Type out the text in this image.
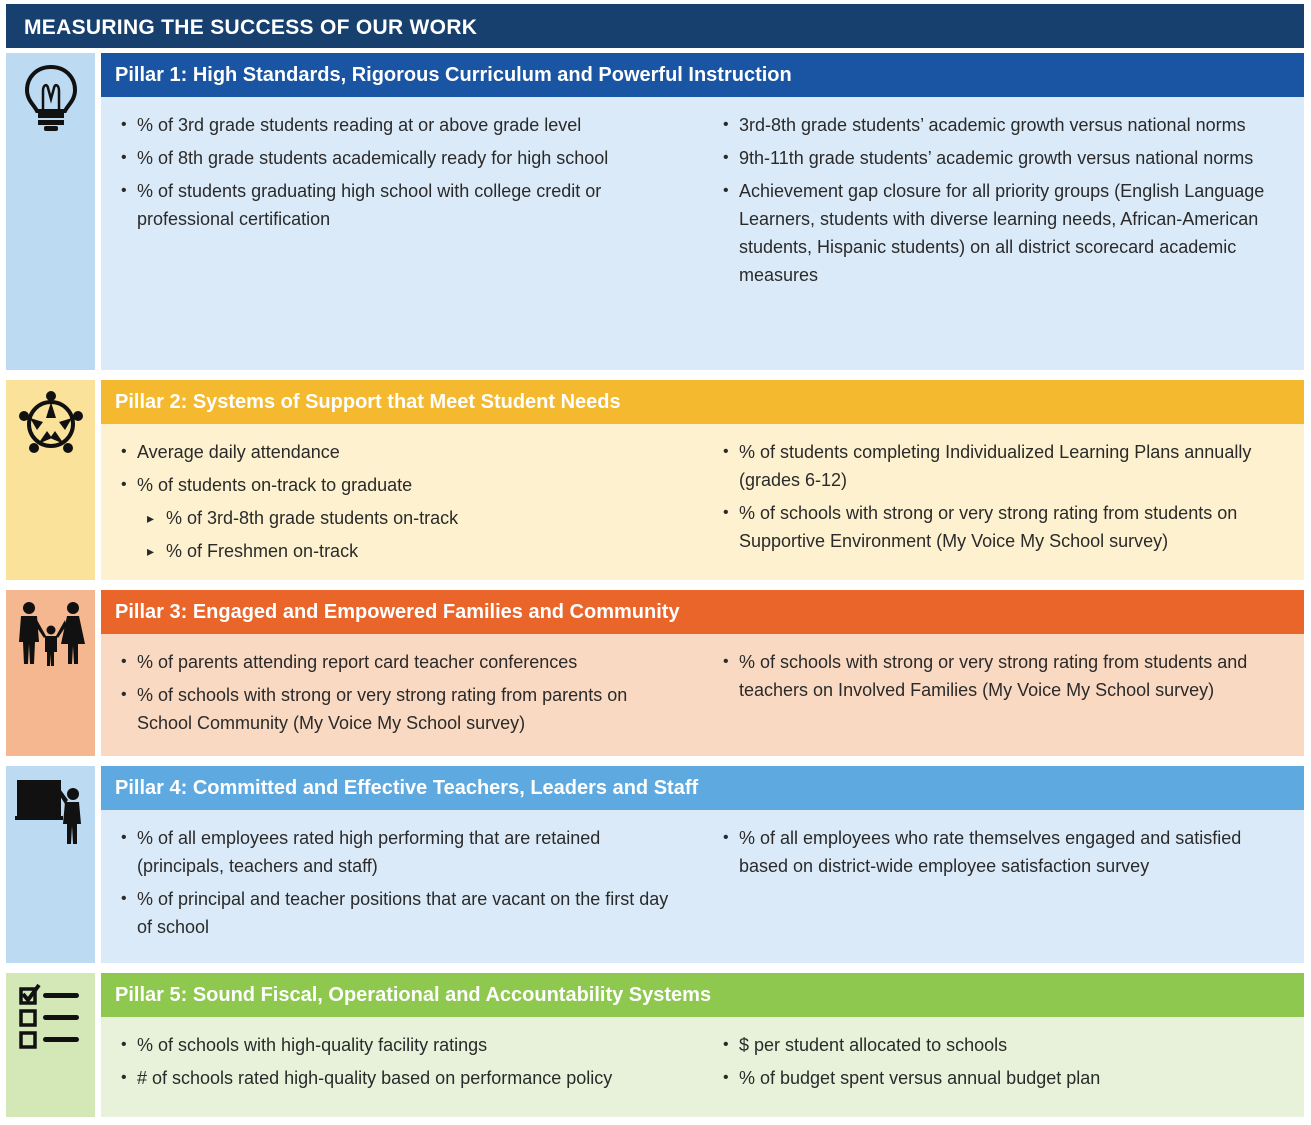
MEASURING THE SUCCESS OF OUR WORK
Pillar 1: High Standards, Rigorous Curriculum and Powerful Instruction
• % of 3rd grade students reading at or above grade level
• % of 8th grade students academically ready for high school
• % of students graduating high school with college credit or professional certification
• 3rd-8th grade students’ academic growth versus national norms
• 9th-11th grade students’ academic growth versus national norms
• Achievement gap closure for all priority groups (English Language Learners, students with diverse learning needs, African-American students, Hispanic students) on all district scorecard academic measures
Pillar 2: Systems of Support that Meet Student Needs
• Average daily attendance
• % of students on-track to graduate
▸ % of 3rd-8th grade students on-track
▸ % of Freshmen on-track
• % of students completing Individualized Learning Plans annually (grades 6-12)
• % of schools with strong or very strong rating from students on Supportive Environment (My Voice My School survey)
Pillar 3: Engaged and Empowered Families and Community
• % of parents attending report card teacher conferences
• % of schools with strong or very strong rating from parents on School Community (My Voice My School survey)
• % of schools with strong or very strong rating from students and teachers on Involved Families (My Voice My School survey)
Pillar 4: Committed and Effective Teachers, Leaders and Staff
• % of all employees rated high performing that are retained (principals, teachers and staff)
• % of principal and teacher positions that are vacant on the first day of school
• % of all employees who rate themselves engaged and satisfied based on district-wide employee satisfaction survey
Pillar 5: Sound Fiscal, Operational and Accountability Systems
• % of schools with high-quality facility ratings
• # of schools rated high-quality based on performance policy
• $ per student allocated to schools
• % of budget spent versus annual budget plan
